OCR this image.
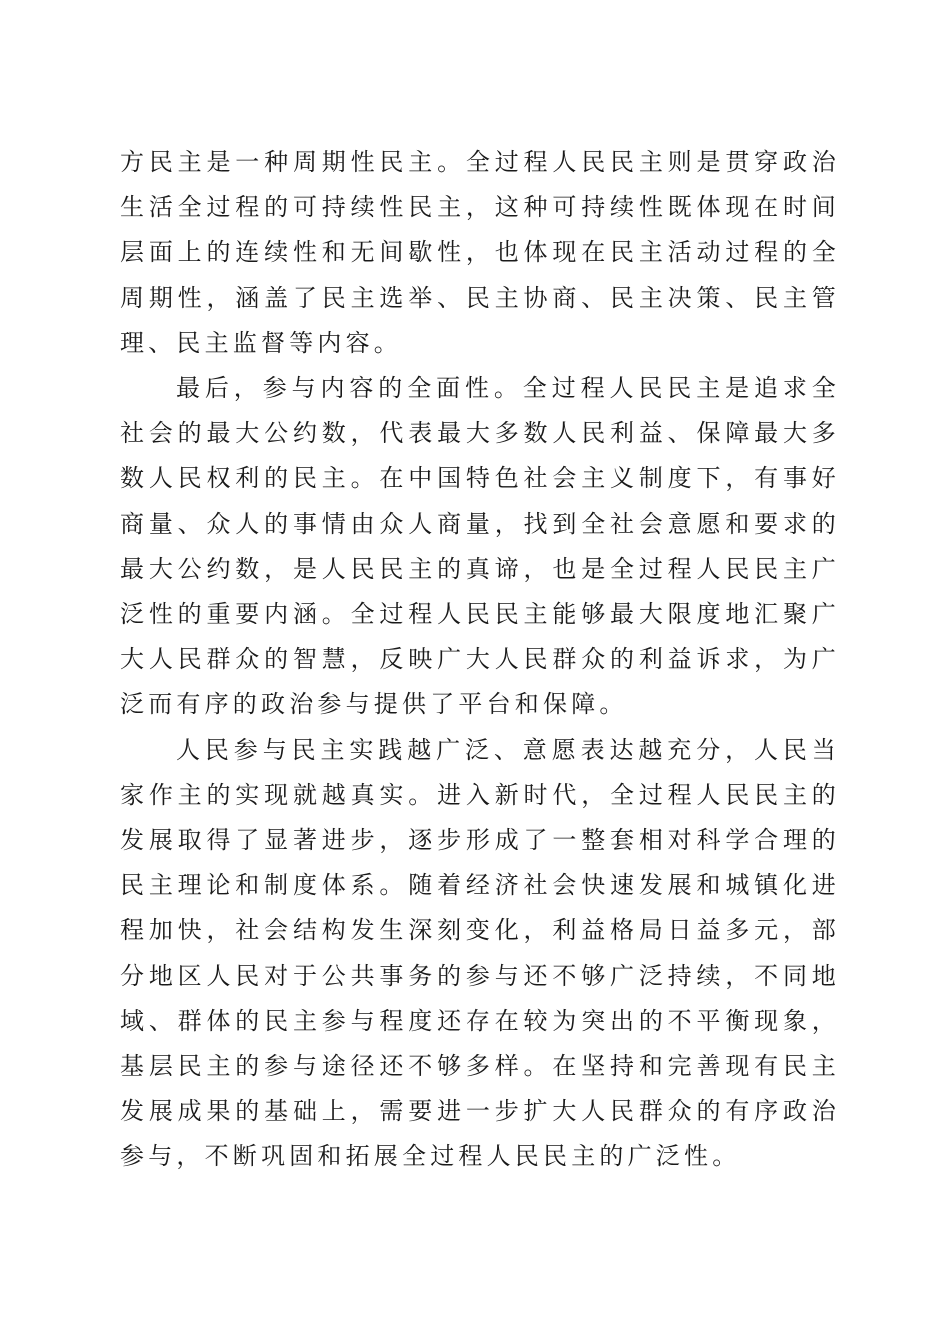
方民主是一种周期性民主。全过程人民民主则是贯穿政治生活全过程的可持续性民主，这种可持续性既体现在时间层面上的连续性和无间歇性，也体现在民主活动过程的全周期性，涵盖了民主选举、民主协商、民主决策、民主管理、民主监督等内容。

最后，参与内容的全面性。全过程人民民主是追求全社会的最大公约数，代表最大多数人民利益、保障最大多数人民权利的民主。在中国特色社会主义制度下，有事好商量、众人的事情由众人商量，找到全社会意愿和要求的最大公约数，是人民民主的真谛，也是全过程人民民主广泛性的重要内涵。全过程人民民主能够最大限度地汇聚广大人民群众的智慧，反映广大人民群众的利益诉求，为广泛而有序的政治参与提供了平台和保障。

人民参与民主实践越广泛、意愿表达越充分，人民当家作主的实现就越真实。进入新时代，全过程人民民主的发展取得了显著进步，逐步形成了一整套相对科学合理的民主理论和制度体系。随着经济社会快速发展和城镇化进程加快，社会结构发生深刻变化，利益格局日益多元，部分地区人民对于公共事务的参与还不够广泛持续，不同地域、群体的民主参与程度还存在较为突出的不平衡现象，基层民主的参与途径还不够多样。在坚持和完善现有民主发展成果的基础上，需要进一步扩大人民群众的有序政治参与，不断巩固和拓展全过程人民民主的广泛性。
